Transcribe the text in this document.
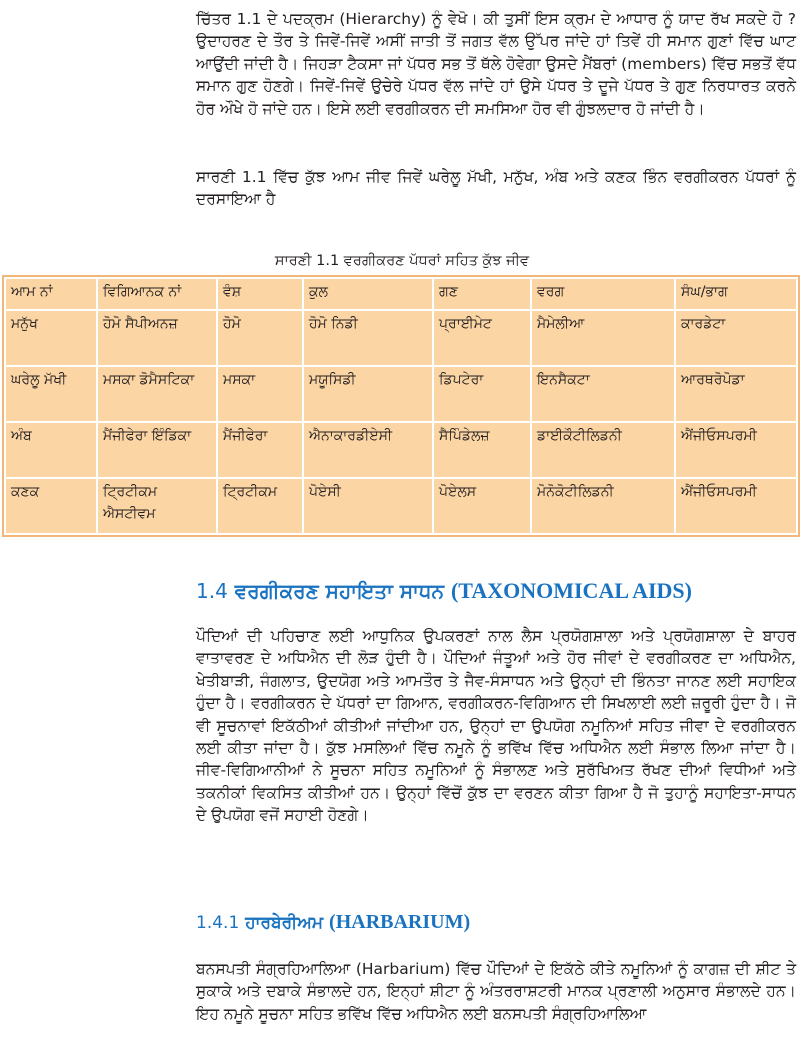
ਚਿੱਤਰ 1.1 ਦੇ ਪਦਕ੍ਰਮ (Hierarchy) ਨੂੰ ਵੇਖੋ। ਕੀ ਤੁਸੀਂ ਇਸ ਕ੍ਰਮ ਦੇ ਆਧਾਰ ਨੂੰ ਯਾਦ ਰੱਖ ਸਕਦੇ ਹੋ ? ਉਦਾਹਰਣ ਦੇ ਤੌਰ ਤੇ ਜਿਵੇਂ-ਜਿਵੇਂ ਅਸੀਂ ਜਾਤੀ ਤੋਂ ਜਗਤ ਵੱਲ ਉੱਪਰ ਜਾਂਦੇ ਹਾਂ ਤਿਵੇਂ ਹੀ ਸਮਾਨ ਗੁਣਾਂ ਵਿੱਚ ਘਾਟ ਆਉਂਦੀ ਜਾਂਦੀ ਹੈ। ਜਿਹੜਾ ਟੈਕਸਾ ਜਾਂ ਪੱਧਰ ਸਭ ਤੋਂ ਥੱਲੇ ਹੋਵੇਗਾ ਉਸਦੇ ਮੈਂਬਰਾਂ (members) ਵਿੱਚ ਸਭਤੋਂ ਵੱਧ ਸਮਾਨ ਗੁਣ ਹੋਣਗੇ। ਜਿਵੇਂ-ਜਿਵੇਂ ਉਚੇਰੇ ਪੱਧਰ ਵੱਲ ਜਾਂਦੇ ਹਾਂ ਉਸੇ ਪੱਧਰ ਤੇ ਦੂਜੇ ਪੱਧਰ ਤੇ ਗੁਣ ਨਿਰਧਾਰਤ ਕਰਨੇ ਹੋਰ ਔਖੇ ਹੋ ਜਾਂਦੇ ਹਨ। ਇਸੇ ਲਈ ਵਰਗੀਕਰਨ ਦੀ ਸਮਸਿਆ ਹੋਰ ਵੀ ਗੁੰਝਲਦਾਰ ਹੋ ਜਾਂਦੀ ਹੈ।

ਸਾਰਣੀ 1.1 ਵਿੱਚ ਕੁੱਝ ਆਮ ਜੀਵ ਜਿਵੇਂ ਘਰੇਲੂ ਮੱਖੀ, ਮਨੁੱਖ, ਅੰਬ ਅਤੇ ਕਣਕ ਭਿੰਨ ਵਰਗੀਕਰਨ ਪੱਧਰਾਂ ਨੂੰ ਦਰਸਾਇਆ ਹੈ

ਸਾਰਣੀ 1.1 ਵਰਗੀਕਰਣ ਪੱਧਰਾਂ ਸਹਿਤ ਕੁੱਝ ਜੀਵ
ਆਮ ਨਾਂ	ਵਿਗਿਆਨਕ ਨਾਂ	ਵੰਸ਼	ਕੁਲ	ਗਣ	ਵਰਗ	ਸੰਘ/ਭਾਗ
ਮਨੁੱਖ	ਹੋਮੋ ਸੈਪੀਅਨਜ਼	ਹੋਮੋ	ਹੋਮੋ ਨਿਡੀ	ਪ੍ਰਾਈਮੇਟ	ਮੈਮੇਲੀਆ	ਕਾਰਡੇਟਾ
ਘਰੇਲੂ ਮੱਖੀ	ਮਸਕਾ ਡੋਮੈਸਟਿਕਾ	ਮਸਕਾ	ਮਯੂਸਿਡੀ	ਡਿਪਟੇਰਾ	ਇਨਸੈਕਟਾ	ਆਰਥਰੋਪੋਡਾ
ਅੰਬ	ਮੈਂਜੀਫੇਰਾ ਇੰਡਿਕਾ	ਮੈਂਜੀਫੇਰਾ	ਐਨਾਕਾਰਡੀਏਸੀ	ਸੈਪਿੰਡੇਲਜ਼	ਡਾਈਕੌਟੀਲਿਡਨੀ	ਐਂਜੀਓਸਪਰਮੀ
ਕਣਕ	ਟ੍ਰਿਟੀਕਮ ਐਸਟੀਵਮ	ਟ੍ਰਿਟੀਕਮ	ਪੋਏਸੀ	ਪੋਏਲਸ	ਮੋਨੋਕੋਟੀਲਿਡਨੀ	ਐਂਜੀਓਸਪਰਮੀ
1.4 ਵਰਗੀਕਰਣ ਸਹਾਇਤਾ ਸਾਧਨ (TAXONOMICAL AIDS)

ਪੌਦਿਆਂ ਦੀ ਪਹਿਚਾਣ ਲਈ ਆਧੁਨਿਕ ਉਪਕਰਣਾਂ ਨਾਲ ਲੈਸ ਪ੍ਰਯੋਗਸ਼ਾਲਾ ਅਤੇ ਪ੍ਰਯੋਗਸ਼ਾਲਾ ਦੇ ਬਾਹਰ ਵਾਤਾਵਰਣ ਦੇ ਅਧਿਐਨ ਦੀ ਲੋੜ ਹੁੰਦੀ ਹੈ। ਪੌਦਿਆਂ ਜੰਤੂਆਂ ਅਤੇ ਹੋਰ ਜੀਵਾਂ ਦੇ ਵਰਗੀਕਰਣ ਦਾ ਅਧਿਐਨ, ਖੇਤੀਬਾੜੀ, ਜੰਗਲਾਤ, ਉਦਯੋਗ ਅਤੇ ਆਮਤੌਰ ਤੇ ਜੈਵ-ਸੰਸਾਧਨ ਅਤੇ ਉਨ੍ਹਾਂ ਦੀ ਭਿੰਨਤਾ ਜਾਨਣ ਲਈ ਸਹਾਇਕ ਹੁੰਦਾ ਹੈ। ਵਰਗੀਕਰਨ ਦੇ ਪੱਧਰਾਂ ਦਾ ਗਿਆਨ, ਵਰਗੀਕਰਨ-ਵਿਗਿਆਨ ਦੀ ਸਿਖਲਾਈ ਲਈ ਜ਼ਰੂਰੀ ਹੁੰਦਾ ਹੈ। ਜੋ ਵੀ ਸੂਚਨਾਵਾਂ ਇਕੱਠੀਆਂ ਕੀਤੀਆਂ ਜਾਂਦੀਆ ਹਨ, ਉਨ੍ਹਾਂ ਦਾ ਉਪਯੋਗ ਨਮੂਨਿਆਂ ਸਹਿਤ ਜੀਵਾ ਦੇ ਵਰਗੀਕਰਨ ਲਈ ਕੀਤਾ ਜਾਂਦਾ ਹੈ। ਕੁੱਝ ਮਸਲਿਆਂ ਵਿੱਚ ਨਮੂਨੇ ਨੂੰ ਭਵਿੱਖ ਵਿੱਚ ਅਧਿਐਨ ਲਈ ਸੰਭਾਲ ਲਿਆ ਜਾਂਦਾ ਹੈ। ਜੀਵ-ਵਿਗਿਆਨੀਆਂ ਨੇ ਸੂਚਨਾ ਸਹਿਤ ਨਮੂਨਿਆਂ ਨੂੰ ਸੰਭਾਲਣ ਅਤੇ ਸੁਰੱਖਿਅਤ ਰੱਖਣ ਦੀਆਂ ਵਿਧੀਆਂ ਅਤੇ ਤਕਨੀਕਾਂ ਵਿਕਸਿਤ ਕੀਤੀਆਂ ਹਨ। ਉਨ੍ਹਾਂ ਵਿੱਚੋਂ ਕੁੱਝ ਦਾ ਵਰਣਨ ਕੀਤਾ ਗਿਆ ਹੈ ਜੋ ਤੁਹਾਨੂੰ ਸਹਾਇਤਾ-ਸਾਧਨ ਦੇ ਉਪਯੋਗ ਵਜੋਂ ਸਹਾਈ ਹੋਣਗੇ।

1.4.1 ਹਾਰਬੇਰੀਅਮ (HARBARIUM)

ਬਨਸਪਤੀ ਸੰਗ੍ਰਹਿਆਲਿਆ (Harbarium) ਵਿੱਚ ਪੌਦਿਆਂ ਦੇ ਇਕੱਠੇ ਕੀਤੇ ਨਮੂਨਿਆਂ ਨੂੰ ਕਾਗਜ਼ ਦੀ ਸ਼ੀਟ ਤੇ ਸੁਕਾਕੇ ਅਤੇ ਦਬਾਕੇ ਸੰਭਾਲਦੇ ਹਨ, ਇਨ੍ਹਾਂ ਸ਼ੀਟਾ ਨੂੰ ਅੰਤਰਰਾਸ਼ਟਰੀ ਮਾਨਕ ਪ੍ਰਣਾਲੀ ਅਨੁਸਾਰ ਸੰਭਾਲਦੇ ਹਨ। ਇਹ ਨਮੂਨੇ ਸੂਚਨਾ ਸਹਿਤ ਭਵਿੱਖ ਵਿੱਚ ਅਧਿਐਨ ਲਈ ਬਨਸਪਤੀ ਸੰਗ੍ਰਹਿਆਲਿਆ
